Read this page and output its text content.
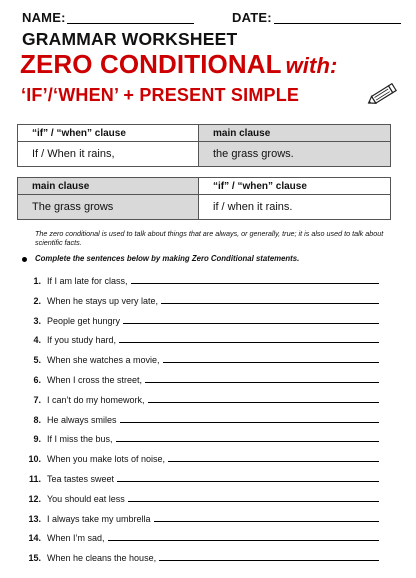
NAME:	DATE:
GRAMMAR WORKSHEET
ZERO CONDITIONAL with:
‘IF’/‘WHEN’ + PRESENT SIMPLE
“if” / “when” clause	main clause
If / When it rains,	the grass grows.
main clause	“if” / “when” clause
The grass grows	if / when it rains.
The zero conditional is used to talk about things that are always, or generally, true; it is also used to talk about scientific facts.
Complete the sentences below by making Zero Conditional statements.
1. If I am late for class,
2. When he stays up very late,
3. People get hungry
4. If you study hard,
5. When she watches a movie,
6. When I cross the street,
7. I can’t do my homework,
8. He always smiles
9. If I miss the bus,
10. When you make lots of noise,
11. Tea tastes sweet
12. You should eat less
13. I always take my umbrella
14. When I’m sad,
15. When he cleans the house,
